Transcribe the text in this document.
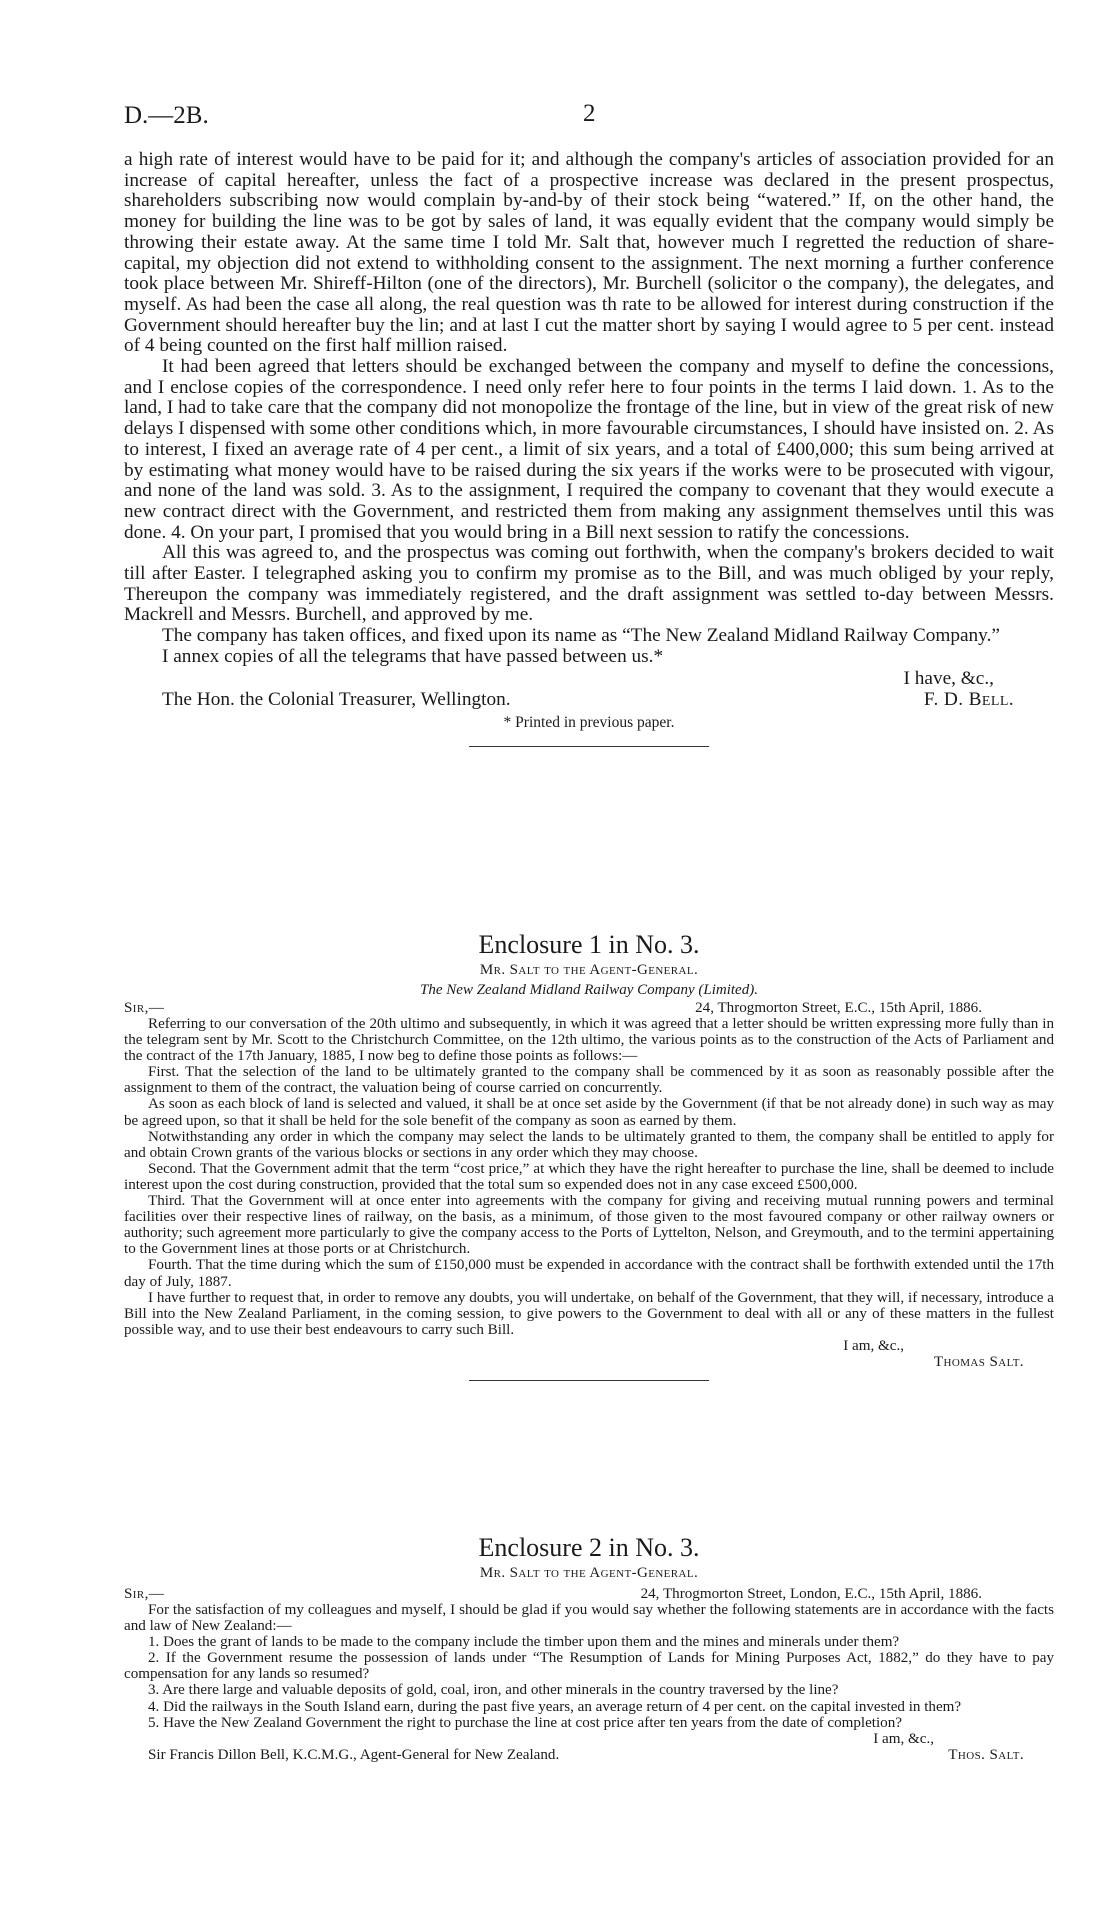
D.—2B.	2

a high rate of interest would have to be paid for it; and although the company's articles of association provided for an increase of capital hereafter, unless the fact of a prospective increase was declared in the present prospectus, shareholders subscribing now would complain by-and-by of their stock being “watered.” If, on the other hand, the money for building the line was to be got by sales of land, it was equally evident that the company would simply be throwing their estate away. At the same time I told Mr. Salt that, however much I regretted the reduction of share-capital, my objection did not extend to withholding consent to the assignment. The next morning a further conference took place between Mr. Shireff-Hilton (one of the directors), Mr. Burchell (solicitor o the company), the delegates, and myself. As had been the case all along, the real question was th rate to be allowed for interest during construction if the Government should hereafter buy the lin; and at last I cut the matter short by saying I would agree to 5 per cent. instead of 4 being counted on the first half million raised.

It had been agreed that letters should be exchanged between the company and myself to define the concessions, and I enclose copies of the correspondence. I need only refer here to four points in the terms I laid down. 1. As to the land, I had to take care that the company did not monopolize the frontage of the line, but in view of the great risk of new delays I dispensed with some other conditions which, in more favourable circumstances, I should have insisted on. 2. As to interest, I fixed an average rate of 4 per cent., a limit of six years, and a total of £400,000; this sum being arrived at by estimating what money would have to be raised during the six years if the works were to be prosecuted with vigour, and none of the land was sold. 3. As to the assignment, I required the company to covenant that they would execute a new contract direct with the Government, and restricted them from making any assignment themselves until this was done. 4. On your part, I promised that you would bring in a Bill next session to ratify the concessions.

All this was agreed to, and the prospectus was coming out forthwith, when the company's brokers decided to wait till after Easter. I telegraphed asking you to confirm my promise as to the Bill, and was much obliged by your reply, Thereupon the company was immediately registered, and the draft assignment was settled to-day between Messrs. Mackrell and Messrs. Burchell, and approved by me.

The company has taken offices, and fixed upon its name as “The New Zealand Midland Railway Company.”

I annex copies of all the telegrams that have passed between us.*

I have, &c.,
The Hon. the Colonial Treasurer, Wellington.	F. D. Bell.
* Printed in previous paper.
Enclosure 1 in No. 3.
Mr. Salt to the Agent-General.
The New Zealand Midland Railway Company (Limited).
Sir,—	24, Throgmorton Street, E.C., 15th April, 1886.

Referring to our conversation of the 20th ultimo and subsequently, in which it was agreed that a letter should be written expressing more fully than in the telegram sent by Mr. Scott to the Christchurch Committee, on the 12th ultimo, the various points as to the construction of the Acts of Parliament and the contract of the 17th January, 1885, I now beg to define those points as follows:—

First. That the selection of the land to be ultimately granted to the company shall be commenced by it as soon as reasonably possible after the assignment to them of the contract, the valuation being of course carried on concurrently.

As soon as each block of land is selected and valued, it shall be at once set aside by the Government (if that be not already done) in such way as may be agreed upon, so that it shall be held for the sole benefit of the company as soon as earned by them.

Notwithstanding any order in which the company may select the lands to be ultimately granted to them, the company shall be entitled to apply for and obtain Crown grants of the various blocks or sections in any order which they may choose.

Second. That the Government admit that the term “cost price,” at which they have the right hereafter to purchase the line, shall be deemed to include interest upon the cost during construction, provided that the total sum so expended does not in any case exceed £500,000.

Third. That the Government will at once enter into agreements with the company for giving and receiving mutual running powers and terminal facilities over their respective lines of railway, on the basis, as a minimum, of those given to the most favoured company or other railway owners or authority; such agreement more particularly to give the company access to the Ports of Lyttelton, Nelson, and Greymouth, and to the termini appertaining to the Government lines at those ports or at Christchurch.

Fourth. That the time during which the sum of £150,000 must be expended in accordance with the contract shall be forthwith extended until the 17th day of July, 1887.

I have further to request that, in order to remove any doubts, you will undertake, on behalf of the Government, that they will, if necessary, introduce a Bill into the New Zealand Parliament, in the coming session, to give powers to the Government to deal with all or any of these matters in the fullest possible way, and to use their best endeavours to carry such Bill.

I am, &c.,
Thomas Salt.
Enclosure 2 in No. 3.
Mr. Salt to the Agent-General.
Sir,—	24, Throgmorton Street, London, E.C., 15th April, 1886.

For the satisfaction of my colleagues and myself, I should be glad if you would say whether the following statements are in accordance with the facts and law of New Zealand:—

1. Does the grant of lands to be made to the company include the timber upon them and the mines and minerals under them?

2. If the Government resume the possession of lands under “The Resumption of Lands for Mining Purposes Act, 1882,” do they have to pay compensation for any lands so resumed?

3. Are there large and valuable deposits of gold, coal, iron, and other minerals in the country traversed by the line?

4. Did the railways in the South Island earn, during the past five years, an average return of 4 per cent. on the capital invested in them?

5. Have the New Zealand Government the right to purchase the line at cost price after ten years from the date of completion?

I am, &c.,
Sir Francis Dillon Bell, K.C.M.G., Agent-General for New Zealand.	Thos. Salt.
